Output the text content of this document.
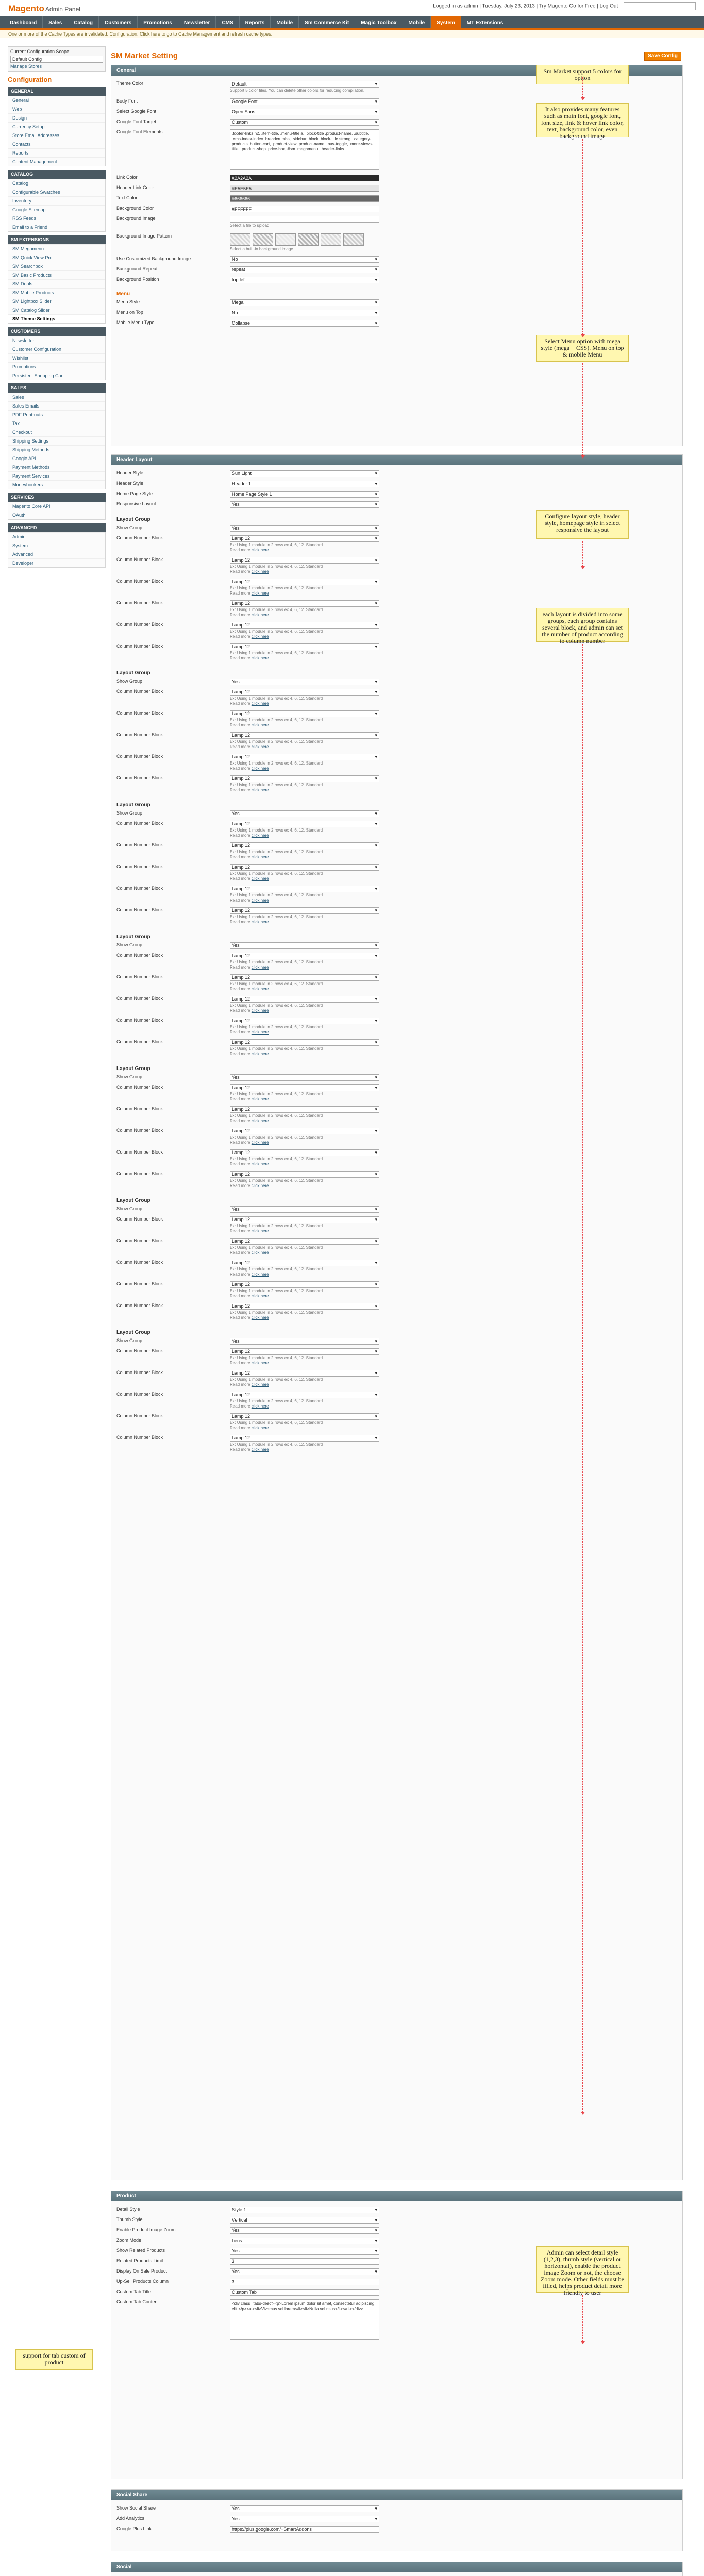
Magento Admin Panel	Logged in as admin | Tuesday, July 23, 2013 | Try Magento Go for Free | Log Out
Dashboard	Sales	Catalog	Customers	Promotions	Newsletter	CMS	Reports	Mobile	Sm Commerce Kit	Magic Toolbox	Mobile	System	MT Extensions
One or more of the Cache Types are invalidated: Configuration. Click here to go to Cache Management and refresh cache types.
Current Configuration Scope:
Default Config
Manage Stores
Configuration
GENERAL
General
Web
Design
Currency Setup
Store Email Addresses
Contacts
Reports
Content Management
CATALOG
Catalog
Configurable Swatches
Inventory
Google Sitemap
RSS Feeds
Email to a Friend
SM EXTENSIONS
SM Megamenu
SM Quick View Pro
SM Searchbox
SM Basic Products
SM Deals
SM Mobile Products
SM Lightbox Slider
SM Catalog Slider
SM Theme Settings
CUSTOMERS
Newsletter
Customer Configuration
Wishlist
Promotions
Persistent Shopping Cart
SALES
Sales
Sales Emails
PDF Print-outs
Tax
Checkout
Shipping Settings
Shipping Methods
Google API
Payment Methods
Payment Services
Moneybookers
SERVICES
Magento Core API
OAuth
ADVANCED
Admin
System
Advanced
Developer
SM Market Setting	Save Config
General
Theme Color	Default ▾
Support 5 color files. You can delete other colors for reducing compilation.
Body Font	Google Font ▾
Select Google Font	Open Sans ▾
Google Font Target	Custom ▾
Google Font Elements	.footer-links h2, .item-title, .menu-title a, .block-title .product-name, .subtitle, .cms-index-index .breadcrumbs, .sidebar .block .block-title strong, .category-products .button-cart, .product-view .product-name, .nav-toggle, .more-views-title, .product-shop .price-box, #sm_megamenu, .header-links
Link Color	#2A2A2A
Header Link Color	#E5E5E5
Text Color	#666666
Background Color	#FFFFFF
Background Image
Select a file to upload
Background Image Pattern
Select a built-in background image
Use Customized Background Image	No ▾
Background Repeat	repeat ▾
Background Position	top left ▾
Menu
Menu Style	Mega ▾
Menu on Top	No ▾
Mobile Menu Type	Collapse ▾
Header Layout
Header Style	Sun Light ▾
Header Style	Header 1 ▾
Home Page Style	Home Page Style 1 ▾
Responsive Layout	Yes ▾
Layout Group
Show Group	Yes ▾
Column Number Block	Lamp 12 ▾
Ex: Using 1 module in 2 rows ex 4, 6, 12. Standard
Read more click here
Column Number Block	Lamp 12 ▾
Ex: Using 1 module in 2 rows ex 4, 6, 12. Standard
Read more click here
Column Number Block	Lamp 12 ▾
Ex: Using 1 module in 2 rows ex 4, 6, 12. Standard
Read more click here
Column Number Block	Lamp 12 ▾
Ex: Using 1 module in 2 rows ex 4, 6, 12. Standard
Read more click here
Column Number Block	Lamp 12 ▾
Ex: Using 1 module in 2 rows ex 4, 6, 12. Standard
Read more click here
Column Number Block	Lamp 12 ▾
Ex: Using 1 module in 2 rows ex 4, 6, 12. Standard
Read more click here
Layout Group
Show Group	Yes ▾
Column Number Block	Lamp 12 ▾
Ex: Using 1 module in 2 rows ex 4, 6, 12. Standard
Read more click here
Column Number Block	Lamp 12 ▾
Ex: Using 1 module in 2 rows ex 4, 6, 12. Standard
Read more click here
Column Number Block	Lamp 12 ▾
Ex: Using 1 module in 2 rows ex 4, 6, 12. Standard
Read more click here
Column Number Block	Lamp 12 ▾
Ex: Using 1 module in 2 rows ex 4, 6, 12. Standard
Read more click here
Column Number Block	Lamp 12 ▾
Ex: Using 1 module in 2 rows ex 4, 6, 12. Standard
Read more click here
Layout Group
Show Group	Yes ▾
Column Number Block	Lamp 12 ▾
Ex: Using 1 module in 2 rows ex 4, 6, 12. Standard
Read more click here
Column Number Block	Lamp 12 ▾
Ex: Using 1 module in 2 rows ex 4, 6, 12. Standard
Read more click here
Column Number Block	Lamp 12 ▾
Ex: Using 1 module in 2 rows ex 4, 6, 12. Standard
Read more click here
Column Number Block	Lamp 12 ▾
Ex: Using 1 module in 2 rows ex 4, 6, 12. Standard
Read more click here
Column Number Block	Lamp 12 ▾
Ex: Using 1 module in 2 rows ex 4, 6, 12. Standard
Read more click here
Layout Group
Show Group	Yes ▾
Column Number Block	Lamp 12 ▾
Ex: Using 1 module in 2 rows ex 4, 6, 12. Standard
Read more click here
Column Number Block	Lamp 12 ▾
Ex: Using 1 module in 2 rows ex 4, 6, 12. Standard
Read more click here
Column Number Block	Lamp 12 ▾
Ex: Using 1 module in 2 rows ex 4, 6, 12. Standard
Read more click here
Column Number Block	Lamp 12 ▾
Ex: Using 1 module in 2 rows ex 4, 6, 12. Standard
Read more click here
Column Number Block	Lamp 12 ▾
Ex: Using 1 module in 2 rows ex 4, 6, 12. Standard
Read more click here
Layout Group
Show Group	Yes ▾
Column Number Block	Lamp 12 ▾
Ex: Using 1 module in 2 rows ex 4, 6, 12. Standard
Read more click here
Column Number Block	Lamp 12 ▾
Ex: Using 1 module in 2 rows ex 4, 6, 12. Standard
Read more click here
Column Number Block	Lamp 12 ▾
Ex: Using 1 module in 2 rows ex 4, 6, 12. Standard
Read more click here
Column Number Block	Lamp 12 ▾
Ex: Using 1 module in 2 rows ex 4, 6, 12. Standard
Read more click here
Column Number Block	Lamp 12 ▾
Ex: Using 1 module in 2 rows ex 4, 6, 12. Standard
Read more click here
Layout Group
Show Group	Yes ▾
Column Number Block	Lamp 12 ▾
Ex: Using 1 module in 2 rows ex 4, 6, 12. Standard
Read more click here
Column Number Block	Lamp 12 ▾
Ex: Using 1 module in 2 rows ex 4, 6, 12. Standard
Read more click here
Column Number Block	Lamp 12 ▾
Ex: Using 1 module in 2 rows ex 4, 6, 12. Standard
Read more click here
Column Number Block	Lamp 12 ▾
Ex: Using 1 module in 2 rows ex 4, 6, 12. Standard
Read more click here
Column Number Block	Lamp 12 ▾
Ex: Using 1 module in 2 rows ex 4, 6, 12. Standard
Read more click here
Layout Group
Show Group	Yes ▾
Column Number Block	Lamp 12 ▾
Ex: Using 1 module in 2 rows ex 4, 6, 12. Standard
Read more click here
Column Number Block	Lamp 12 ▾
Ex: Using 1 module in 2 rows ex 4, 6, 12. Standard
Read more click here
Column Number Block	Lamp 12 ▾
Ex: Using 1 module in 2 rows ex 4, 6, 12. Standard
Read more click here
Column Number Block	Lamp 12 ▾
Ex: Using 1 module in 2 rows ex 4, 6, 12. Standard
Read more click here
Column Number Block	Lamp 12 ▾
Ex: Using 1 module in 2 rows ex 4, 6, 12. Standard
Read more click here
Product
Detail Style	Style 1 ▾
Thumb Style	Vertical ▾
Enable Product Image Zoom	Yes ▾
Zoom Mode	Lens ▾
Show Related Products	Yes ▾
Related Products Limit	3
Display On Sale Product	Yes ▾
Up-Sell Products Column	3
Custom Tab Title	Custom Tab
Custom Tab Content	<div class='tabs-desc'><p>Lorem ipsum dolor sit amet, consectetur adipiscing elit.</p><ul><li>Vivamus vel lorem</li><li>Nulla vel risus</li></ul></div>
Social Share
Show Social Share	Yes ▾
Add Analytics	Yes ▾
Google Plus Link	https://plus.google.com/+SmartAddons
Social
Sm Market support 5 colors for option
It also provides many features such as main font, google font, font size, link & hover link color, text, background color, even background image
Select Menu option with mega style (mega + CSS). Menu on top & mobile Menu
Configure layout style, header style, homepage style in select responsive the layout
each layout is divided into some groups, each group contains several block, and admin can set the number of product according to column number
Admin can select detail style (1,2,3), thumb style (vertical or horizontal), enable the product image Zoom or not, the choose Zoom mode. Other fields must be filled, helps product detail more friendly to user
support for tab custom of product
